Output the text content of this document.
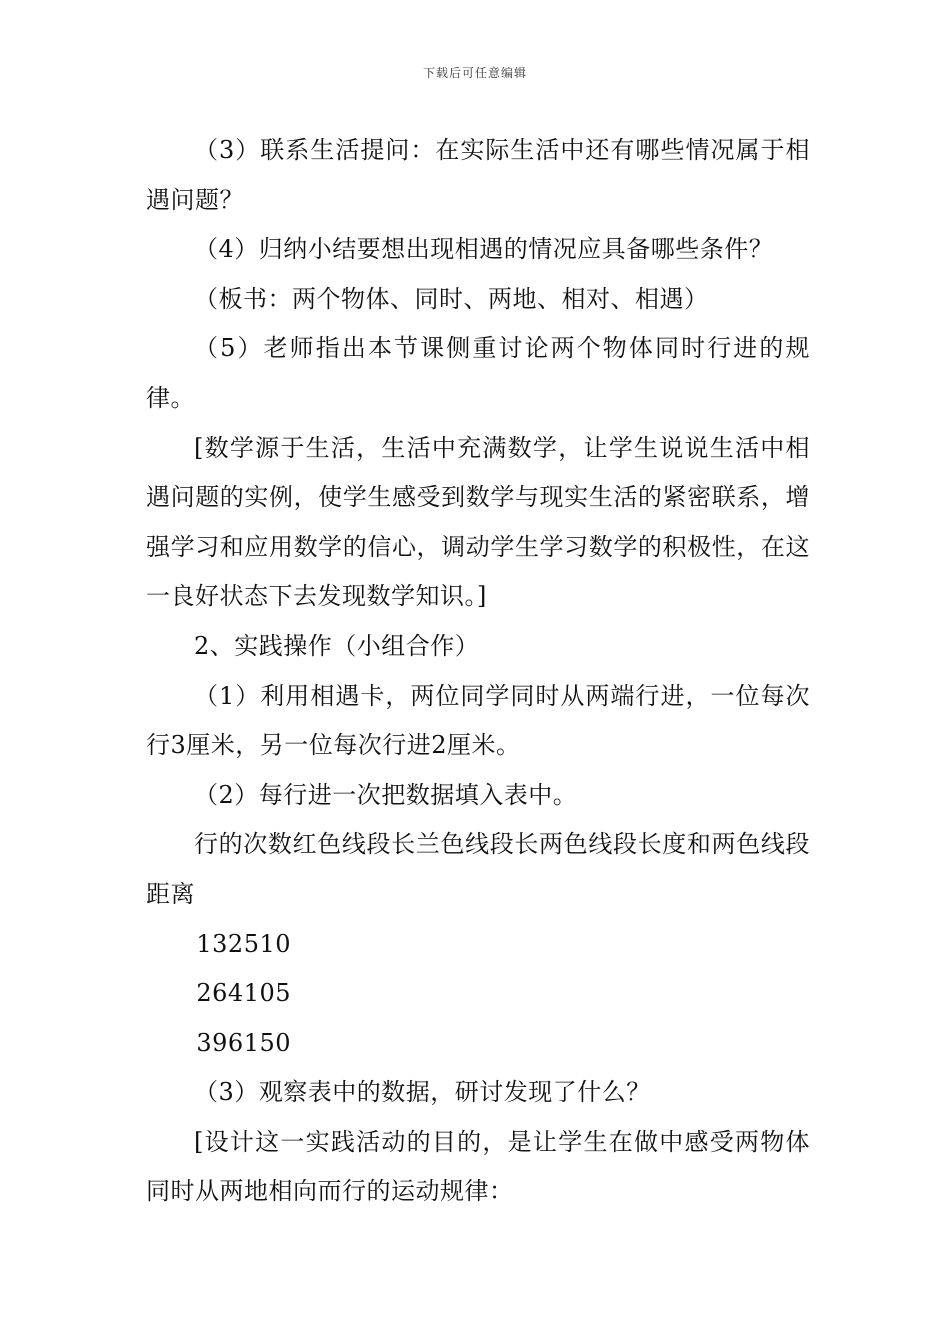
下载后可任意编辑

（3）联系生活提问：在实际生活中还有哪些情况属于相遇问题？

（4）归纳小结要想出现相遇的情况应具备哪些条件？

（板书：两个物体、同时、两地、相对、相遇）

（5）老师指出本节课侧重讨论两个物体同时行进的规律。

[数学源于生活，生活中充满数学，让学生说说生活中相遇问题的实例，使学生感受到数学与现实生活的紧密联系，增强学习和应用数学的信心，调动学生学习数学的积极性，在这一良好状态下去发现数学知识。]

2、实践操作（小组合作）

（1）利用相遇卡，两位同学同时从两端行进，一位每次行3厘米，另一位每次行进2厘米。

（2）每行进一次把数据填入表中。

行的次数红色线段长兰色线段长两色线段长度和两色线段距离

132510

264105

396150

（3）观察表中的数据，研讨发现了什么？

[设计这一实践活动的目的，是让学生在做中感受两物体同时从两地相向而行的运动规律：
